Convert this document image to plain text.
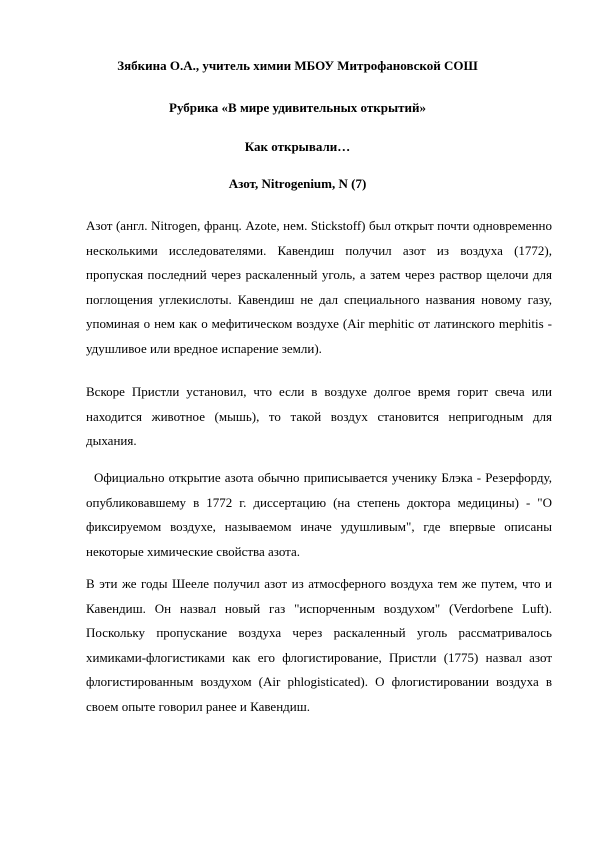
Зябкина О.А., учитель химии МБОУ Митрофановской СОШ
Рубрика «В мире удивительных открытий»
Как открывали…
Азот, Nitrogenium, N (7)

Азот (англ. Nitrogen, франц. Azote, нем. Stickstoff) был открыт почти одновременно несколькими исследователями. Кавендиш получил азот из воздуха (1772), пропуская последний через раскаленный уголь, а затем через раствор щелочи для поглощения углекислоты. Кавендиш не дал специального названия новому газу, упоминая о нем как о мефитическом воздухе (Air mephitic от латинского mephitis - удушливое или вредное испарение земли).

Вскоре Пристли установил, что если в воздухе долгое время горит свеча или находится животное (мышь), то такой воздух становится непригодным для дыхания.

Официально открытие азота обычно приписывается ученику Блэка - Резерфорду, опубликовавшему в 1772 г. диссертацию (на степень доктора медицины) - "О фиксируемом воздухе, называемом иначе удушливым", где впервые описаны некоторые химические свойства азота.

В эти же годы Шееле получил азот из атмосферного воздуха тем же путем, что и Кавендиш. Он назвал новый газ "испорченным воздухом" (Verdorbene Luft). Поскольку пропускание воздуха через раскаленный уголь рассматривалось химиками-флогистиками как его флогистирование, Пристли (1775) назвал азот флогистированным воздухом (Air phlogisticated). О флогистировании воздуха в своем опыте говорил ранее и Кавендиш.
